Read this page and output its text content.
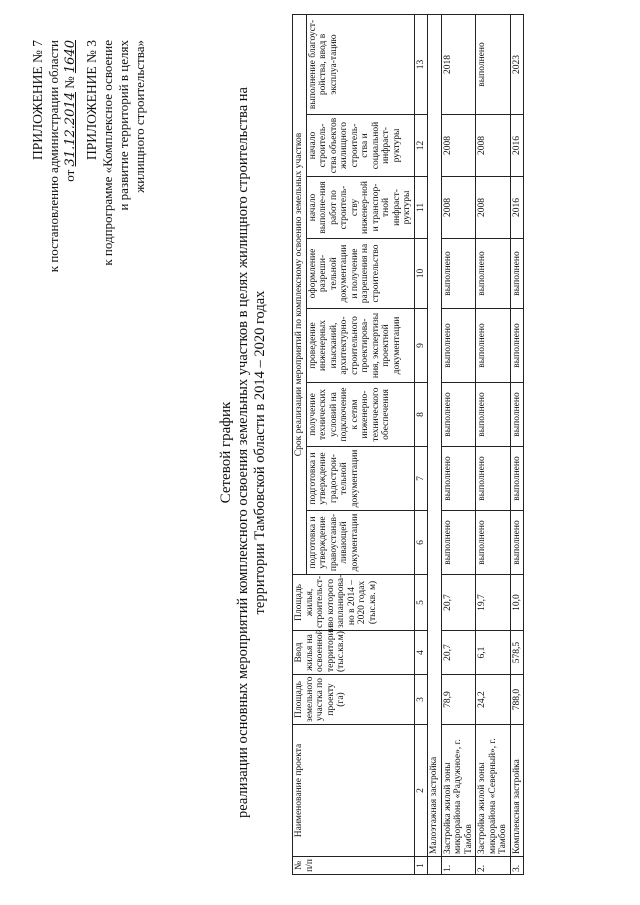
ПРИЛОЖЕНИЕ № 7 к постановлению администрации области от 31.12.2014 № 1640 ПРИЛОЖЕНИЕ № 3 к подпрограмме «Комплексное освоение и развитие территорий в целях жилищного строительства»
Сетевой график реализации основных мероприятий комплексного освоения земельных участков в целях жилищного строительства на территории Тамбовской области в 2014 – 2020 годах
№ п/п	Наименование проекта	Площадь земельного участка по проекту (га)	Ввод жилья на освоенной территории (тыс.кв.м)	Площадь жилья, строительст-во которого запланирова-но в 2014 – 2020 годах (тыс.кв. м)	Срок реализации мероприятий по комплексному освоению земельных участков							
					подготовка и утверждение правоустанав-ливающей документации	подготовка и утверждение градострои-тельной документации	получение технических условий на подключение к сетям инженерно-технического обеспечения	проведение инженерных изысканий, архитектурно-строительного проектирова-ния, экспертизы проектной документации	оформление разреши-тельной документации и получение разрешения на строительство	начало выполне-ния работ по строитель-ству инженер-ной и транспор-тной инфраст-руктуры	начало строитель-ства объектов жилищного строитель-ства и социальной инфраст-руктуры	выполнение благоуст-ройства, ввод в эксплуа-тацию
1	2	3	4	5	6	7	8	9	10	11	12	13
	Малоэтажная застройка											
1.	Застройка жилой зоны микрорайона «Радужное», г. Тамбов	78,9	20,7	20,7	выполнено	выполнено	выполнено	выполнено	выполнено	2008	2008	2018
2.	Застройка жилой зоны микрорайона «Северный», г. Тамбов	24,2	6,1	19,7	выполнено	выполнено	выполнено	выполнено	выполнено	2008	2008	выполнено
3.	Комплексная застройка	788,0	578,5	10,0	выполнено	выполнено	выполнено	выполнено	выполнено	2016	2016	2023
